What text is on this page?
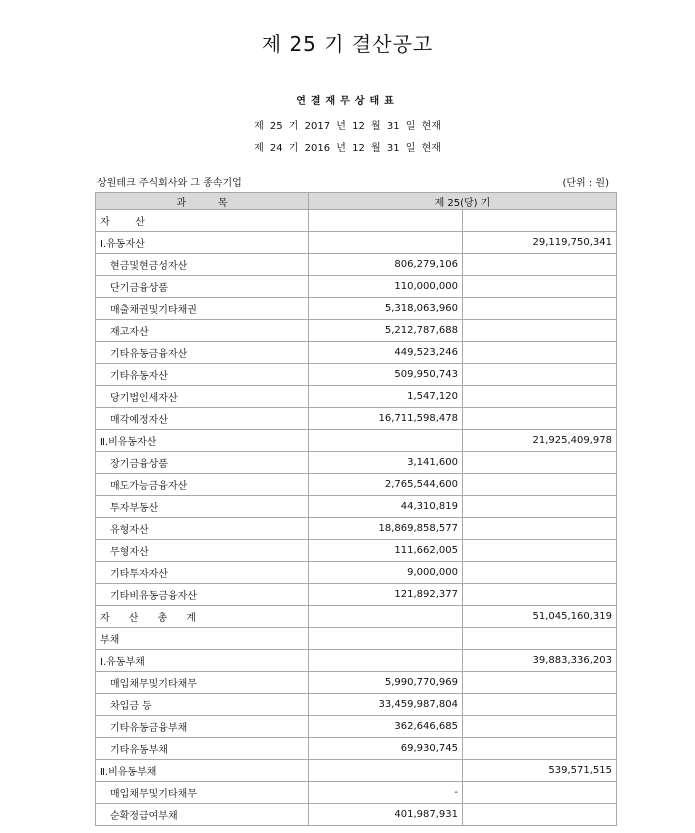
제 25 기 결산공고
연결재무상태표
제 25 기 2017 년 12 월 31 일 현재
제 24 기 2016 년 12 월 31 일 현재
상원테크 주식회사와 그 종속기업	(단위 : 원)
과          목	제 25(당) 기	
자        산		
Ⅰ.유동자산		29,119,750,341
현금및현금성자산	806,279,106	
단기금융상품	110,000,000	
매출채권및기타채권	5,318,063,960	
재고자산	5,212,787,688	
기타유동금융자산	449,523,246	
기타유동자산	509,950,743	
당기법인세자산	1,547,120	
매각예정자산	16,711,598,478	
Ⅱ.비유동자산		21,925,409,978
장기금융상품	3,141,600	
매도가능금융자산	2,765,544,600	
투자부동산	44,310,819	
유형자산	18,869,858,577	
무형자산	111,662,005	
기타투자자산	9,000,000	
기타비유동금융자산	121,892,377	
자      산      총      계		51,045,160,319
부채		
Ⅰ.유동부채		39,883,336,203
매입채무및기타채무	5,990,770,969	
차입금 등	33,459,987,804	
기타유동금융부채	362,646,685	
기타유동부채	69,930,745	
Ⅱ.비유동부채		539,571,515
매입채무및기타채무	-	
순확정급여부채	401,987,931	
